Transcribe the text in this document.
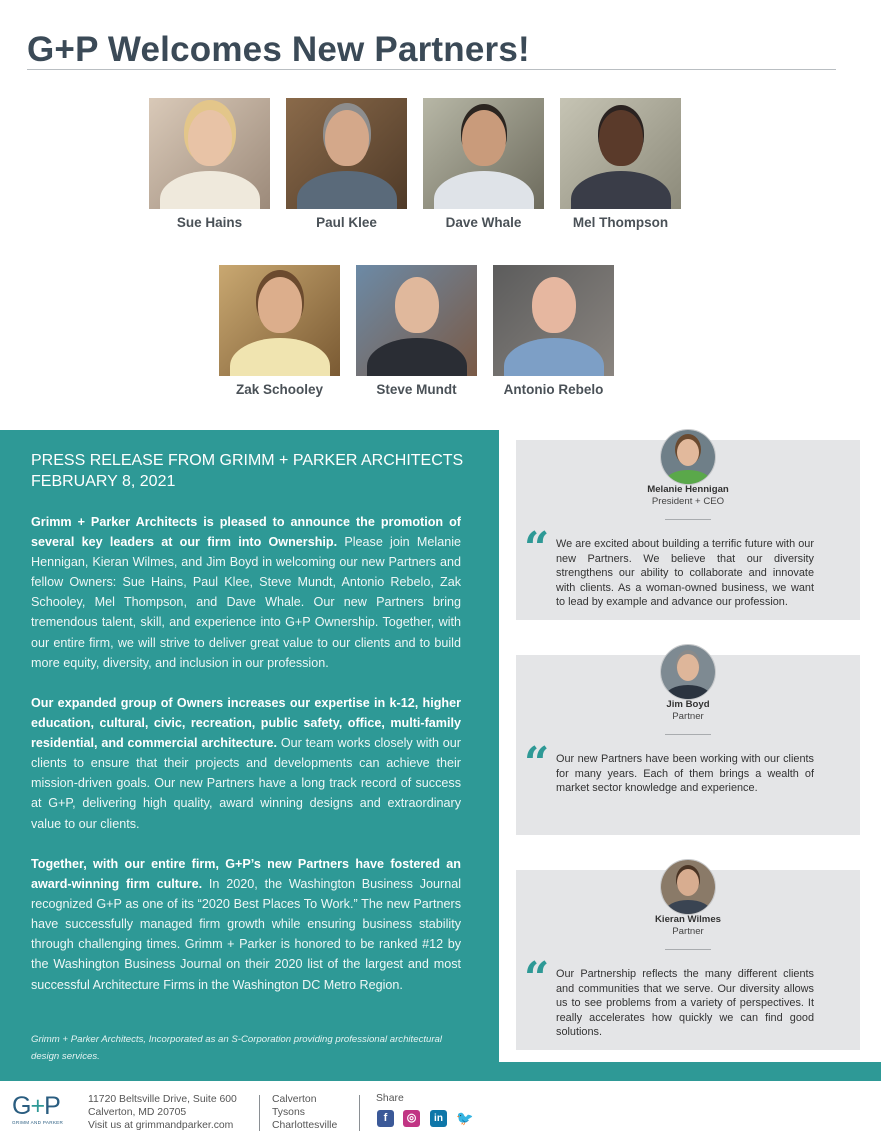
G+P Welcomes New Partners!
Sue Hains	Paul Klee	Dave Whale	Mel Thompson
Zak Schooley	Steve Mundt	Antonio Rebelo
PRESS RELEASE FROM GRIMM + PARKER ARCHITECTS
FEBRUARY 8, 2021

Grimm + Parker Architects is pleased to announce the promotion of several key leaders at our firm into Ownership. Please join Melanie Hennigan, Kieran Wilmes, and Jim Boyd in welcoming our new Partners and fellow Owners: Sue Hains, Paul Klee, Steve Mundt, Antonio Rebelo, Zak Schooley, Mel Thompson, and Dave Whale. Our new Partners bring tremendous talent, skill, and experience into G+P Ownership. Together, with our entire firm, we will strive to deliver great value to our clients and to build more equity, diversity, and inclusion in our profession.

Our expanded group of Owners increases our expertise in k-12, higher education, cultural, civic, recreation, public safety, office, multi-family residential, and commercial architecture. Our team works closely with our clients to ensure that their projects and developments can achieve their mission-driven goals. Our new Partners have a long track record of success at G+P, delivering high quality, award winning designs and extraordinary value to our clients.

Together, with our entire firm, G+P’s new Partners have fostered an award-winning firm culture. In 2020, the Washington Business Journal recognized G+P as one of its “2020 Best Places To Work.” The new Partners have successfully managed firm growth while ensuring business stability through challenging times. Grimm + Parker is honored to be ranked #12 by the Washington Business Journal on their 2020 list of the largest and most successful Architecture Firms in the Washington DC Metro Region.

Grimm + Parker Architects, Incorporated as an S-Corporation providing professional architectural design services.

Melanie Hennigan
President + CEO
“ We are excited about building a terrific future with our new Partners. We believe that our diversity strengthens our ability to collaborate and innovate with clients. As a woman-owned business, we want to lead by example and advance our profession.
Jim Boyd
Partner
“ Our new Partners have been working with our clients for many years. Each of them brings a wealth of market sector knowledge and experience.
Kieran Wilmes
Partner
“ Our Partnership reflects the many different clients and communities that we serve. Our diversity allows us to see problems from a variety of perspectives. It really accelerates how quickly we can find good solutions.
G+P
GRIMM AND PARKER
11720 Beltsville Drive, Suite 600
Calverton, MD 20705
Visit us at grimmandparker.com
Calverton
Tysons
Charlottesville
Share
f	◎	in 🐦
